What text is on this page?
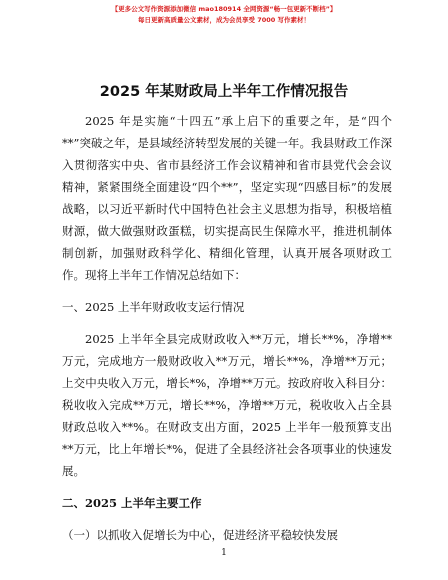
【更多公文写作资源添加微信 mao180914 全网资源“畅一包更新不断档”】
每日更新高质量公文素材，成为会员享受 7000 写作素材！
2025 年某财政局上半年工作情况报告

2025 年是实施“十四五”承上启下的重要之年，是“四个**”突破之年，是县域经济转型发展的关键一年。我县财政工作深入贯彻落实中央、省市县经济工作会议精神和省市县党代会会议精神，紧紧围绕全面建设“四个**”，坚定实现“四感目标”的发展战略，以习近平新时代中国特色社会主义思想为指导，积极培植财源，做大做强财政蛋糕，切实提高民生保障水平，推进机制体制创新，加强财政科学化、精细化管理，认真开展各项财政工作。现将上半年工作情况总结如下：

一、2025 上半年财政收支运行情况

2025 上半年全县完成财政收入**万元，增长**%，净增**万元，完成地方一般财政收入**万元，增长**%，净增**万元；上交中央收入万元，增长*%，净增**万元。按政府收入科目分：税收收入完成**万元，增长**%，净增**万元，税收收入占全县财政总收入**%。在财政支出方面，2025 上半年一般预算支出**万元，比上年增长*%，促进了全县经济社会各项事业的快速发展。

二、2025 上半年主要工作

（一）以抓收入促增长为中心，促进经济平稳较快发展

1
